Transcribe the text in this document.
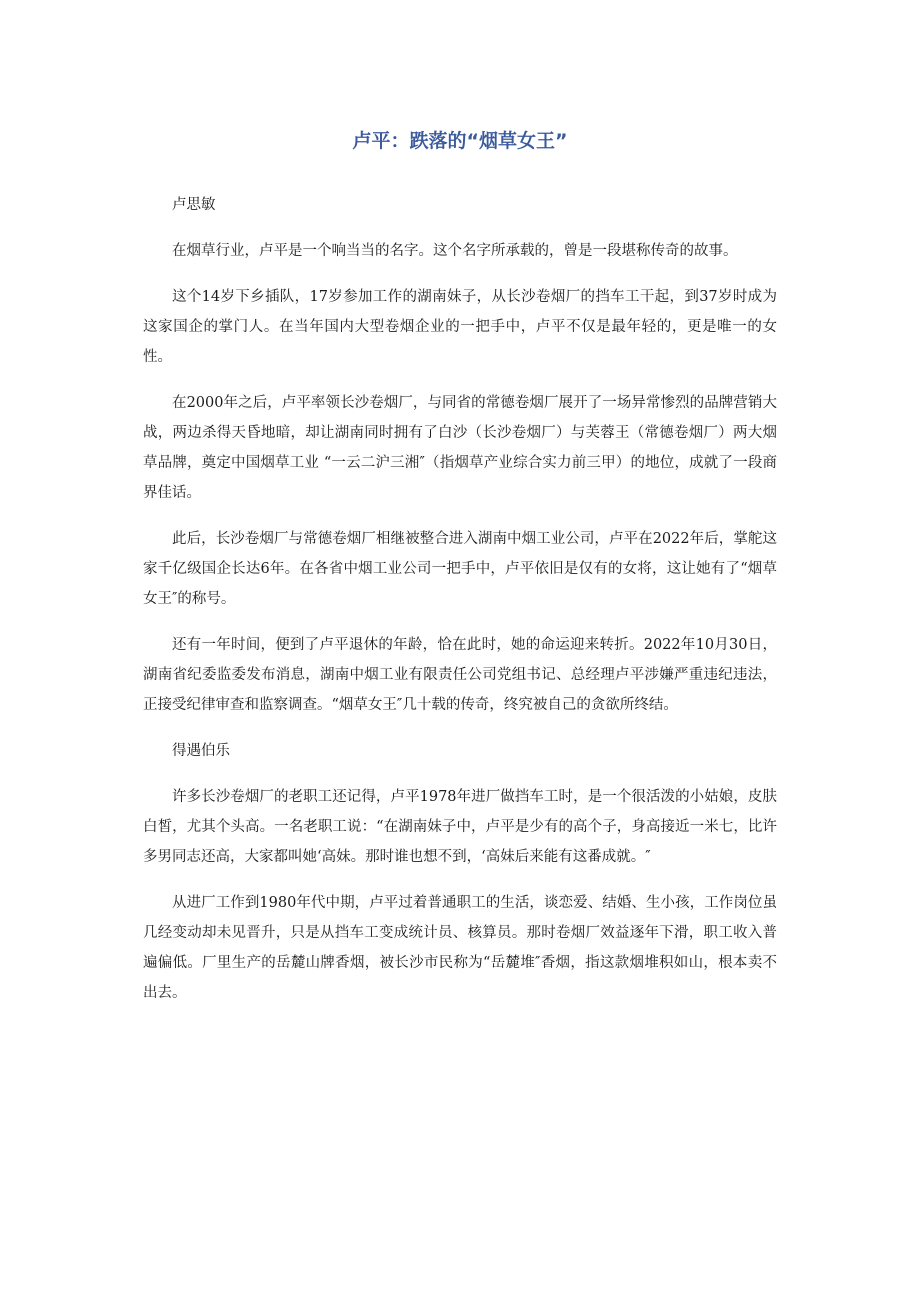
卢平：跌落的“烟草女王”

卢思敏

在烟草行业，卢平是一个响当当的名字。这个名字所承载的，曾是一段堪称传奇的故事。

这个14岁下乡插队，17岁参加工作的湖南妹子，从长沙卷烟厂的挡车工干起，到37岁时成为这家国企的掌门人。在当年国内大型卷烟企业的一把手中，卢平不仅是最年轻的，更是唯一的女性。

在2000年之后，卢平率领长沙卷烟厂，与同省的常德卷烟厂展开了一场异常惨烈的品牌营销大战，两边杀得天昏地暗，却让湖南同时拥有了白沙（长沙卷烟厂）与芙蓉王（常德卷烟厂）两大烟草品牌，奠定中国烟草工业 “一云二沪三湘″（指烟草产业综合实力前三甲）的地位，成就了一段商界佳话。

此后，长沙卷烟厂与常德卷烟厂相继被整合进入湖南中烟工业公司，卢平在2022年后，掌舵这家千亿级国企长达6年。在各省中烟工业公司一把手中，卢平依旧是仅有的女将，这让她有了“烟草女王″的称号。

还有一年时间，便到了卢平退休的年龄，恰在此时，她的命运迎来转折。2022年10月30日，湖南省纪委监委发布消息，湖南中烟工业有限责任公司党组书记、总经理卢平涉嫌严重违纪违法，正接受纪律审查和监察调查。“烟草女王″几十载的传奇，终究被自己的贪欲所终结。

得遇伯乐

许多长沙卷烟厂的老职工还记得，卢平1978年进厂做挡车工时，是一个很活泼的小姑娘，皮肤白皙，尤其个头高。一名老职工说：“在湖南妹子中，卢平是少有的高个子，身高接近一米七，比许多男同志还高，大家都叫她‘高妹。那时谁也想不到，‘高妹后来能有这番成就。″

从进厂工作到1980年代中期，卢平过着普通职工的生活，谈恋爱、结婚、生小孩，工作岗位虽几经变动却未见晋升，只是从挡车工变成统计员、核算员。那时卷烟厂效益逐年下滑，职工收入普遍偏低。厂里生产的岳麓山牌香烟，被长沙市民称为“岳麓堆″香烟，指这款烟堆积如山，根本卖不出去。
